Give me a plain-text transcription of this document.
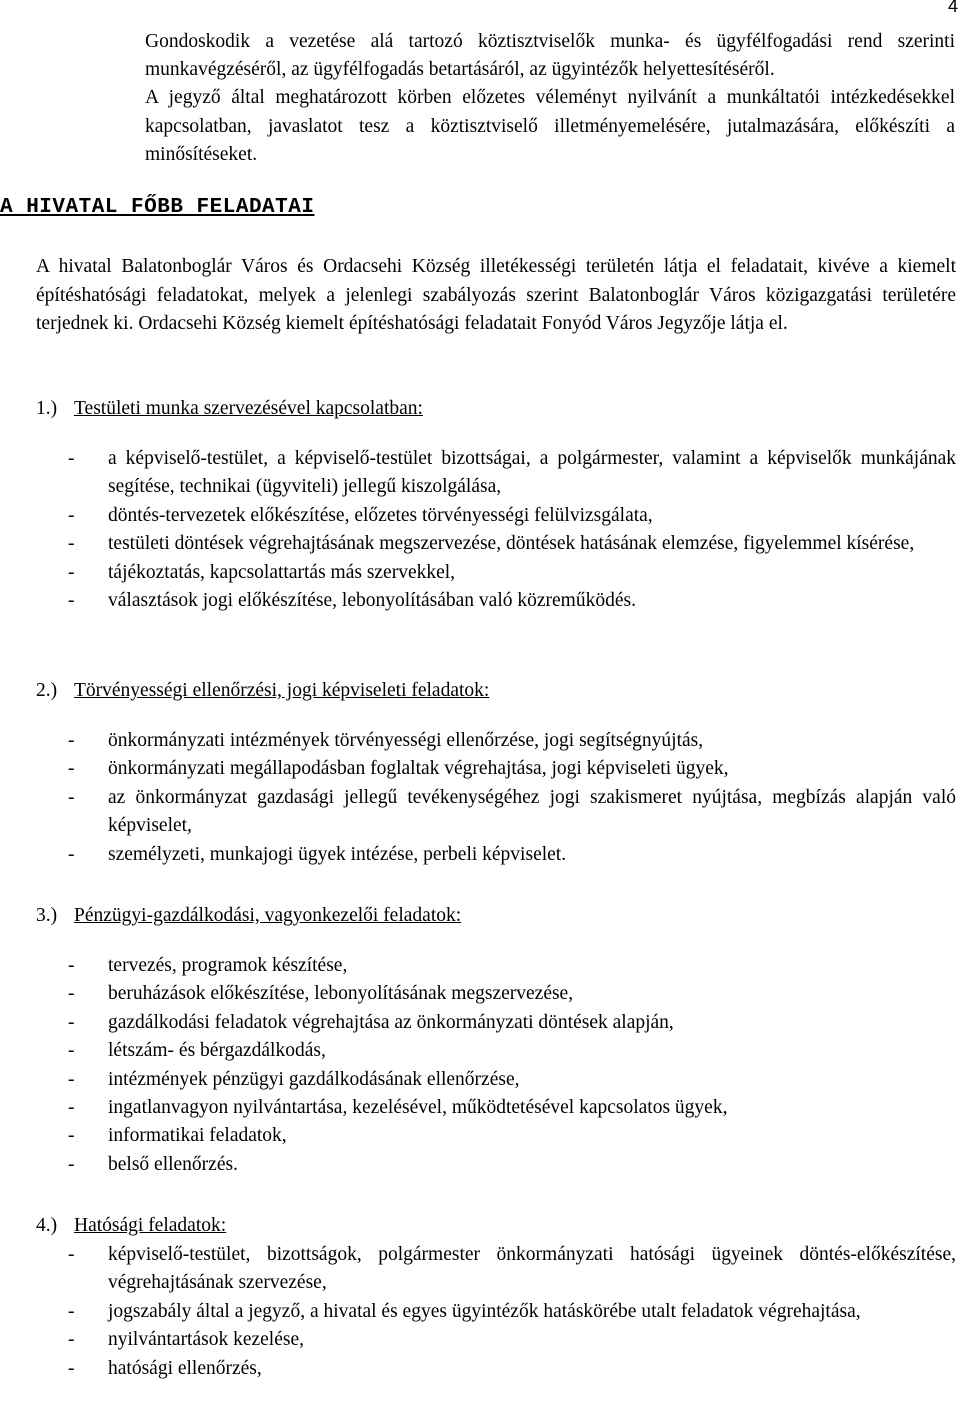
4

Gondoskodik a vezetése alá tartozó köztisztviselők munka- és ügyfélfogadási rend szerinti munkavégzéséről, az ügyfélfogadás betartásáról, az ügyintézők helyettesítéséről.

A jegyző által meghatározott körben előzetes véleményt nyilvánít a munkáltatói intézkedésekkel kapcsolatban, javaslatot tesz a köztisztviselő illetményemelésére, jutalmazására, előkészíti a minősítéseket.

A HIVATAL FŐBB FELADATAI

A hivatal Balatonboglár Város és Ordacsehi Község illetékességi területén látja el feladatait, kivéve a kiemelt építéshatósági feladatokat, melyek a jelenlegi szabályozás szerint Balatonboglár Város közigazgatási területére terjednek ki. Ordacsehi Község kiemelt építéshatósági feladatait Fonyód Város Jegyzője látja el.

1.) Testületi munka szervezésével kapcsolatban:
- a képviselő-testület, a képviselő-testület bizottságai, a polgármester, valamint a képviselők munkájának segítése, technikai (ügyviteli) jellegű kiszolgálása,
- döntés-tervezetek előkészítése, előzetes törvényességi felülvizsgálata,
- testületi döntések végrehajtásának megszervezése, döntések hatásának elemzése, figyelemmel kísérése,
- tájékoztatás, kapcsolattartás más szervekkel,
- választások jogi előkészítése, lebonyolításában való közreműködés.
2.) Törvényességi ellenőrzési, jogi képviseleti feladatok:
- önkormányzati intézmények törvényességi ellenőrzése, jogi segítségnyújtás,
- önkormányzati megállapodásban foglaltak végrehajtása, jogi képviseleti ügyek,
- az önkormányzat gazdasági jellegű tevékenységéhez jogi szakismeret nyújtása, megbízás alapján való képviselet,
- személyzeti, munkajogi ügyek intézése, perbeli képviselet.
3.) Pénzügyi-gazdálkodási, vagyonkezelői feladatok:
- tervezés, programok készítése,
- beruházások előkészítése, lebonyolításának megszervezése,
- gazdálkodási feladatok végrehajtása az önkormányzati döntések alapján,
- létszám- és bérgazdálkodás,
- intézmények pénzügyi gazdálkodásának ellenőrzése,
- ingatlanvagyon nyilvántartása, kezelésével, működtetésével kapcsolatos ügyek,
- informatikai feladatok,
- belső ellenőrzés.
4.) Hatósági feladatok:
- képviselő-testület, bizottságok, polgármester önkormányzati hatósági ügyeinek döntés-előkészítése, végrehajtásának szervezése,
- jogszabály által a jegyző, a hivatal és egyes ügyintézők hatáskörébe utalt feladatok végrehajtása,
- nyilvántartások kezelése,
- hatósági ellenőrzés,
